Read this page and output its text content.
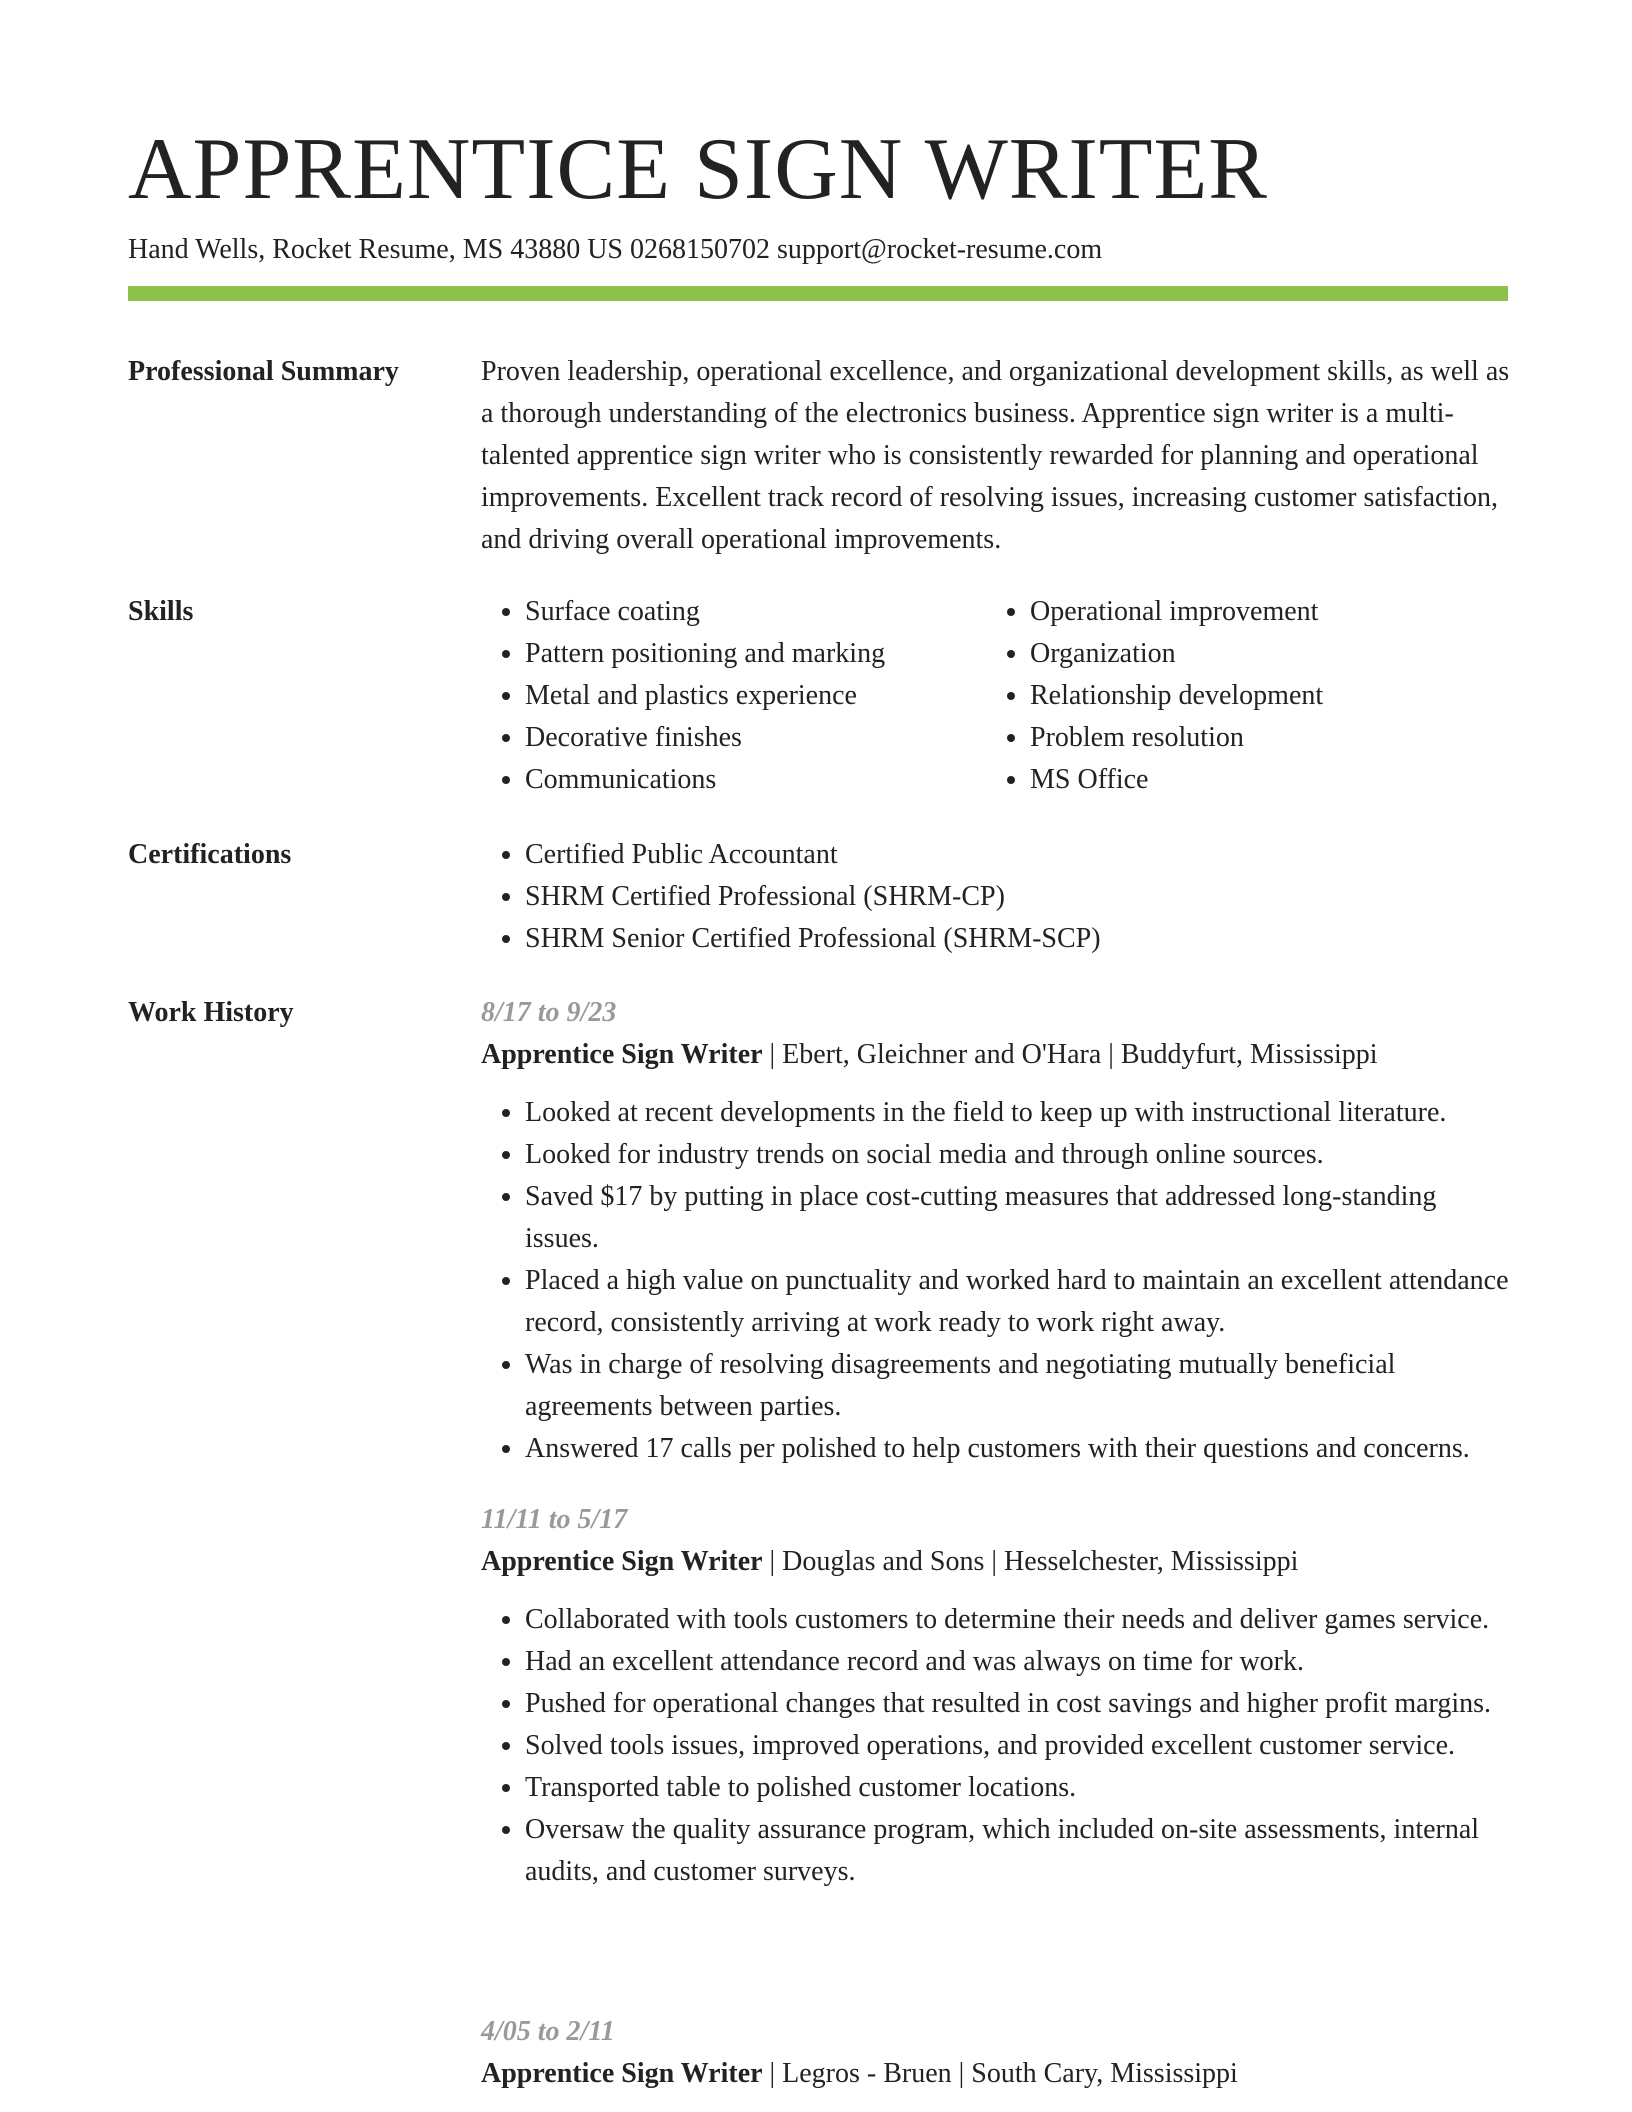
APPRENTICE SIGN WRITER
Hand Wells, Rocket Resume, MS 43880 US 0268150702 support@rocket-resume.com
Professional Summary	Proven leadership, operational excellence, and organizational development skills, as well as a thorough understanding of the electronics business. Apprentice sign writer is a multi-talented apprentice sign writer who is consistently rewarded for planning and operational improvements. Excellent track record of resolving issues, increasing customer satisfaction, and driving overall operational improvements.
Skills	• Surface coating
• Pattern positioning and marking
• Metal and plastics experience
• Decorative finishes
• Communications
• Operational improvement
• Organization
• Relationship development
• Problem resolution
• MS Office
Certifications	• Certified Public Accountant
• SHRM Certified Professional (SHRM-CP)
• SHRM Senior Certified Professional (SHRM-SCP)
Work History	8/17 to 9/23
Apprentice Sign Writer | Ebert, Gleichner and O'Hara | Buddyfurt, Mississippi
• Looked at recent developments in the field to keep up with instructional literature.
• Looked for industry trends on social media and through online sources.
• Saved $17 by putting in place cost-cutting measures that addressed long-standing issues.
• Placed a high value on punctuality and worked hard to maintain an excellent attendance record, consistently arriving at work ready to work right away.
• Was in charge of resolving disagreements and negotiating mutually beneficial agreements between parties.
• Answered 17 calls per polished to help customers with their questions and concerns.
11/11 to 5/17
Apprentice Sign Writer | Douglas and Sons | Hesselchester, Mississippi
• Collaborated with tools customers to determine their needs and deliver games service.
• Had an excellent attendance record and was always on time for work.
• Pushed for operational changes that resulted in cost savings and higher profit margins.
• Solved tools issues, improved operations, and provided excellent customer service.
• Transported table to polished customer locations.
• Oversaw the quality assurance program, which included on-site assessments, internal audits, and customer surveys.
4/05 to 2/11
Apprentice Sign Writer | Legros - Bruen | South Cary, Mississippi
